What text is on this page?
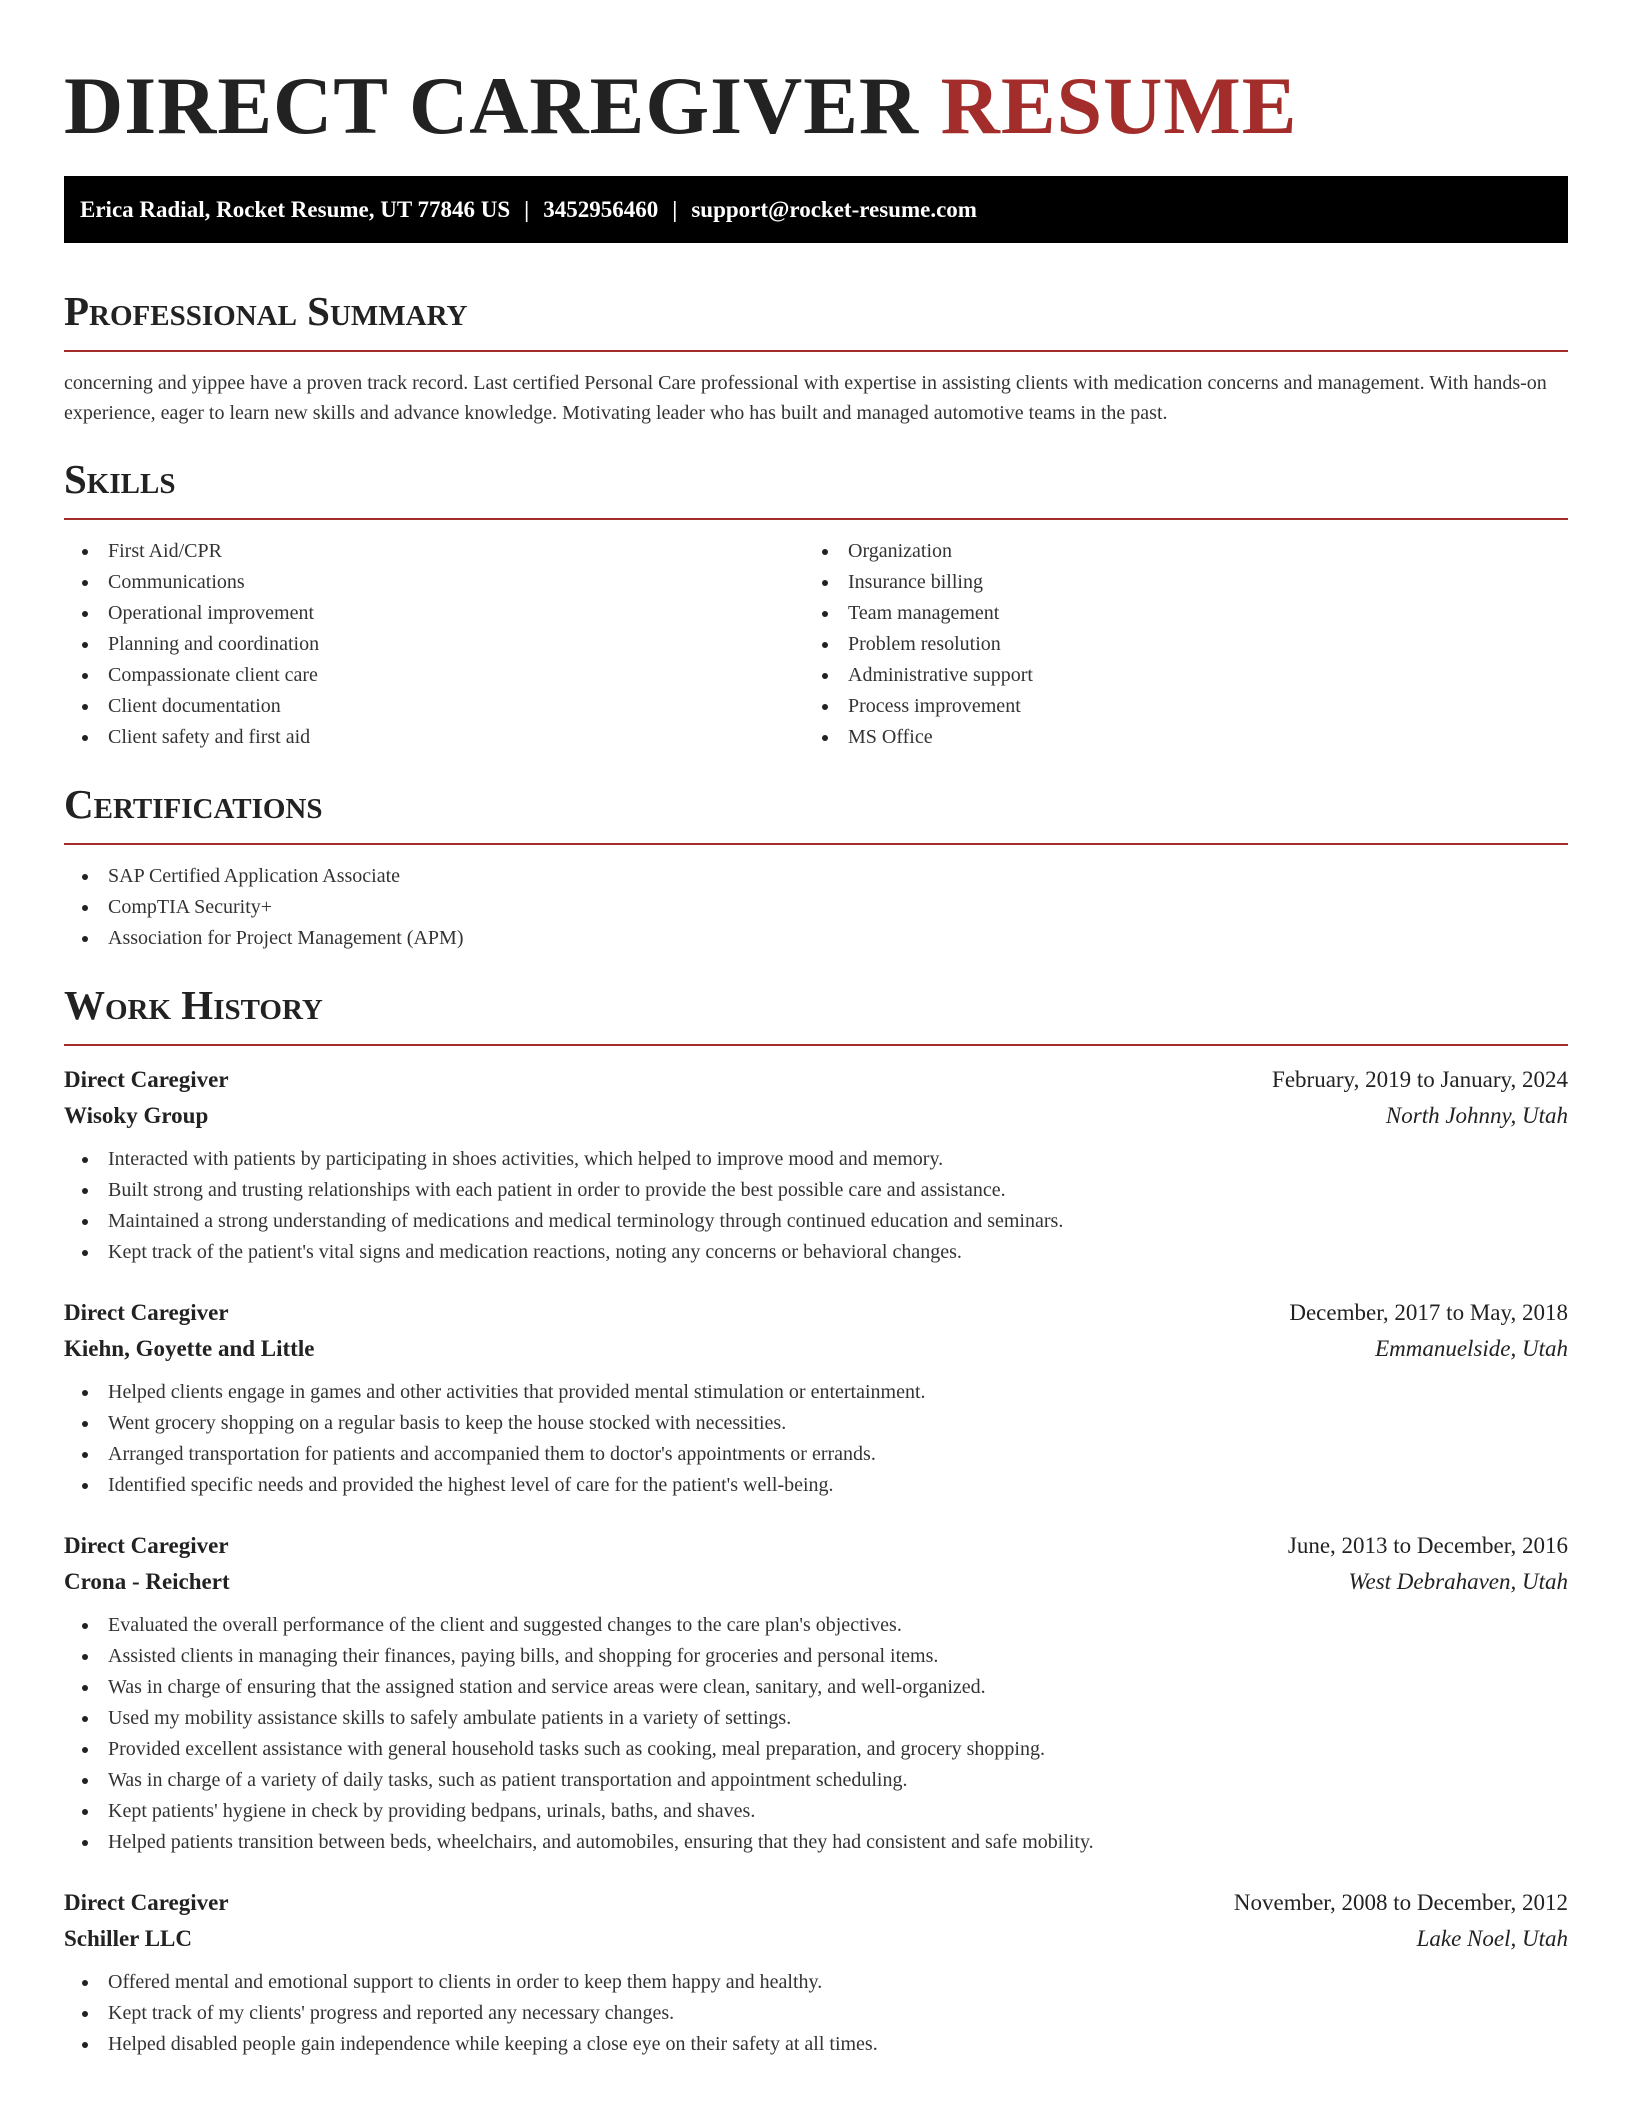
DIRECT CAREGIVER RESUME
Erica Radial, Rocket Resume, UT 77846 US | 3452956460 | support@rocket-resume.com
Professional Summary

concerning and yippee have a proven track record. Last certified Personal Care professional with expertise in assisting clients with medication concerns and management. With hands-on experience, eager to learn new skills and advance knowledge. Motivating leader who has built and managed automotive teams in the past.

Skills
First Aid/CPR
Communications
Operational improvement
Planning and coordination
Compassionate client care
Client documentation
Client safety and first aid
Organization
Insurance billing
Team management
Problem resolution
Administrative support
Process improvement
MS Office
Certifications
SAP Certified Application Associate
CompTIA Security+
Association for Project Management (APM)
Work History
Direct Caregiver	February, 2019 to January, 2024
Wisoky Group	North Johnny, Utah
Interacted with patients by participating in shoes activities, which helped to improve mood and memory.
Built strong and trusting relationships with each patient in order to provide the best possible care and assistance.
Maintained a strong understanding of medications and medical terminology through continued education and seminars.
Kept track of the patient's vital signs and medication reactions, noting any concerns or behavioral changes.
Direct Caregiver	December, 2017 to May, 2018
Kiehn, Goyette and Little	Emmanuelside, Utah
Helped clients engage in games and other activities that provided mental stimulation or entertainment.
Went grocery shopping on a regular basis to keep the house stocked with necessities.
Arranged transportation for patients and accompanied them to doctor's appointments or errands.
Identified specific needs and provided the highest level of care for the patient's well-being.
Direct Caregiver	June, 2013 to December, 2016
Crona - Reichert	West Debrahaven, Utah
Evaluated the overall performance of the client and suggested changes to the care plan's objectives.
Assisted clients in managing their finances, paying bills, and shopping for groceries and personal items.
Was in charge of ensuring that the assigned station and service areas were clean, sanitary, and well-organized.
Used my mobility assistance skills to safely ambulate patients in a variety of settings.
Provided excellent assistance with general household tasks such as cooking, meal preparation, and grocery shopping.
Was in charge of a variety of daily tasks, such as patient transportation and appointment scheduling.
Kept patients' hygiene in check by providing bedpans, urinals, baths, and shaves.
Helped patients transition between beds, wheelchairs, and automobiles, ensuring that they had consistent and safe mobility.
Direct Caregiver	November, 2008 to December, 2012
Schiller LLC	Lake Noel, Utah
Offered mental and emotional support to clients in order to keep them happy and healthy.
Kept track of my clients' progress and reported any necessary changes.
Helped disabled people gain independence while keeping a close eye on their safety at all times.
